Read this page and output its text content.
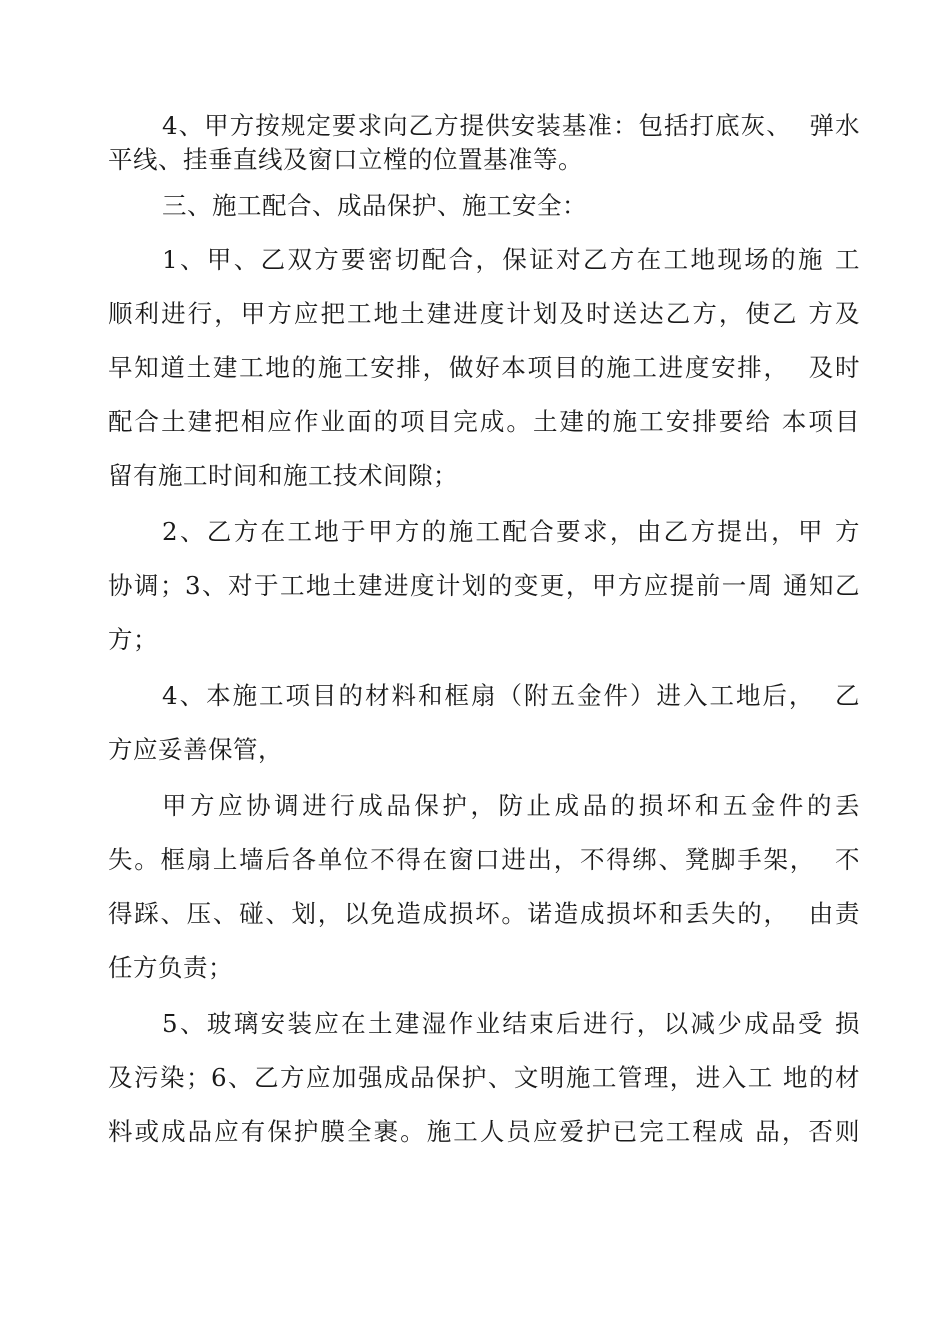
4、甲方按规定要求向乙方提供安装基准：包括打底灰、  弹水
平线、挂垂直线及窗口立樘的位置基准等。
三、施工配合、成品保护、施工安全：
1、甲、乙双方要密切配合，保证对乙方在工地现场的施 工
顺利进行，甲方应把工地土建进度计划及时送达乙方，使乙 方及
早知道土建工地的施工安排，做好本项目的施工进度安排，  及时
配合土建把相应作业面的项目完成。土建的施工安排要给 本项目
留有施工时间和施工技术间隙；
2、乙方在工地于甲方的施工配合要求，由乙方提出，甲 方
协调；3、对于工地土建进度计划的变更，甲方应提前一周 通知乙
方；
4、本施工项目的材料和框扇（附五金件）进入工地后，  乙
方应妥善保管，
甲方应协调进行成品保护，防止成品的损坏和五金件的丢
失。框扇上墙后各单位不得在窗口进出，不得绑、凳脚手架，  不
得踩、压、碰、划，以免造成损坏。诺造成损坏和丢失的，  由责
任方负责；
5、玻璃安装应在土建湿作业结束后进行，以减少成品受 损
及污染；6、乙方应加强成品保护、文明施工管理，进入工 地的材
料或成品应有保护膜全裹。施工人员应爱护已完工程成 品，否则
